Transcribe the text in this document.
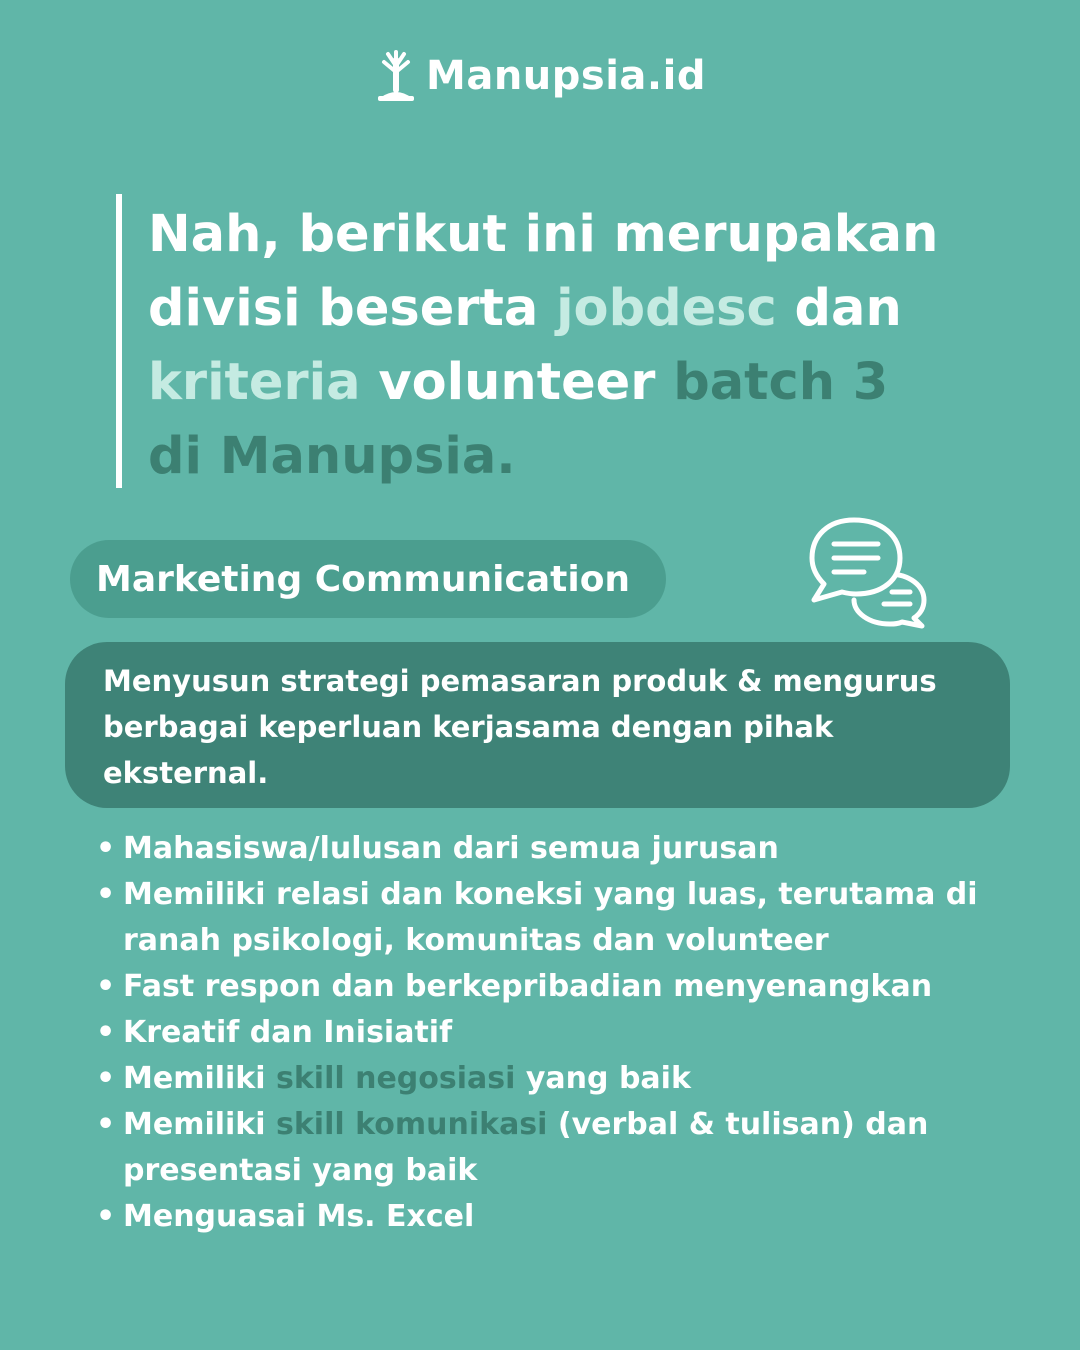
Manupsia.id

Nah, berikut ini merupakan
divisi beserta jobdesc dan
kriteria volunteer batch 3
di Manupsia.

Marketing Communication

Menyusun strategi pemasaran produk & mengurus berbagai keperluan kerjasama dengan pihak eksternal.

• Mahasiswa/lulusan dari semua jurusan
• Memiliki relasi dan koneksi yang luas, terutama di ranah psikologi, komunitas dan volunteer
• Fast respon dan berkepribadian menyenangkan
• Kreatif dan Inisiatif
• Memiliki skill negosiasi yang baik
• Memiliki skill komunikasi (verbal & tulisan) dan presentasi yang baik
• Menguasai Ms. Excel
